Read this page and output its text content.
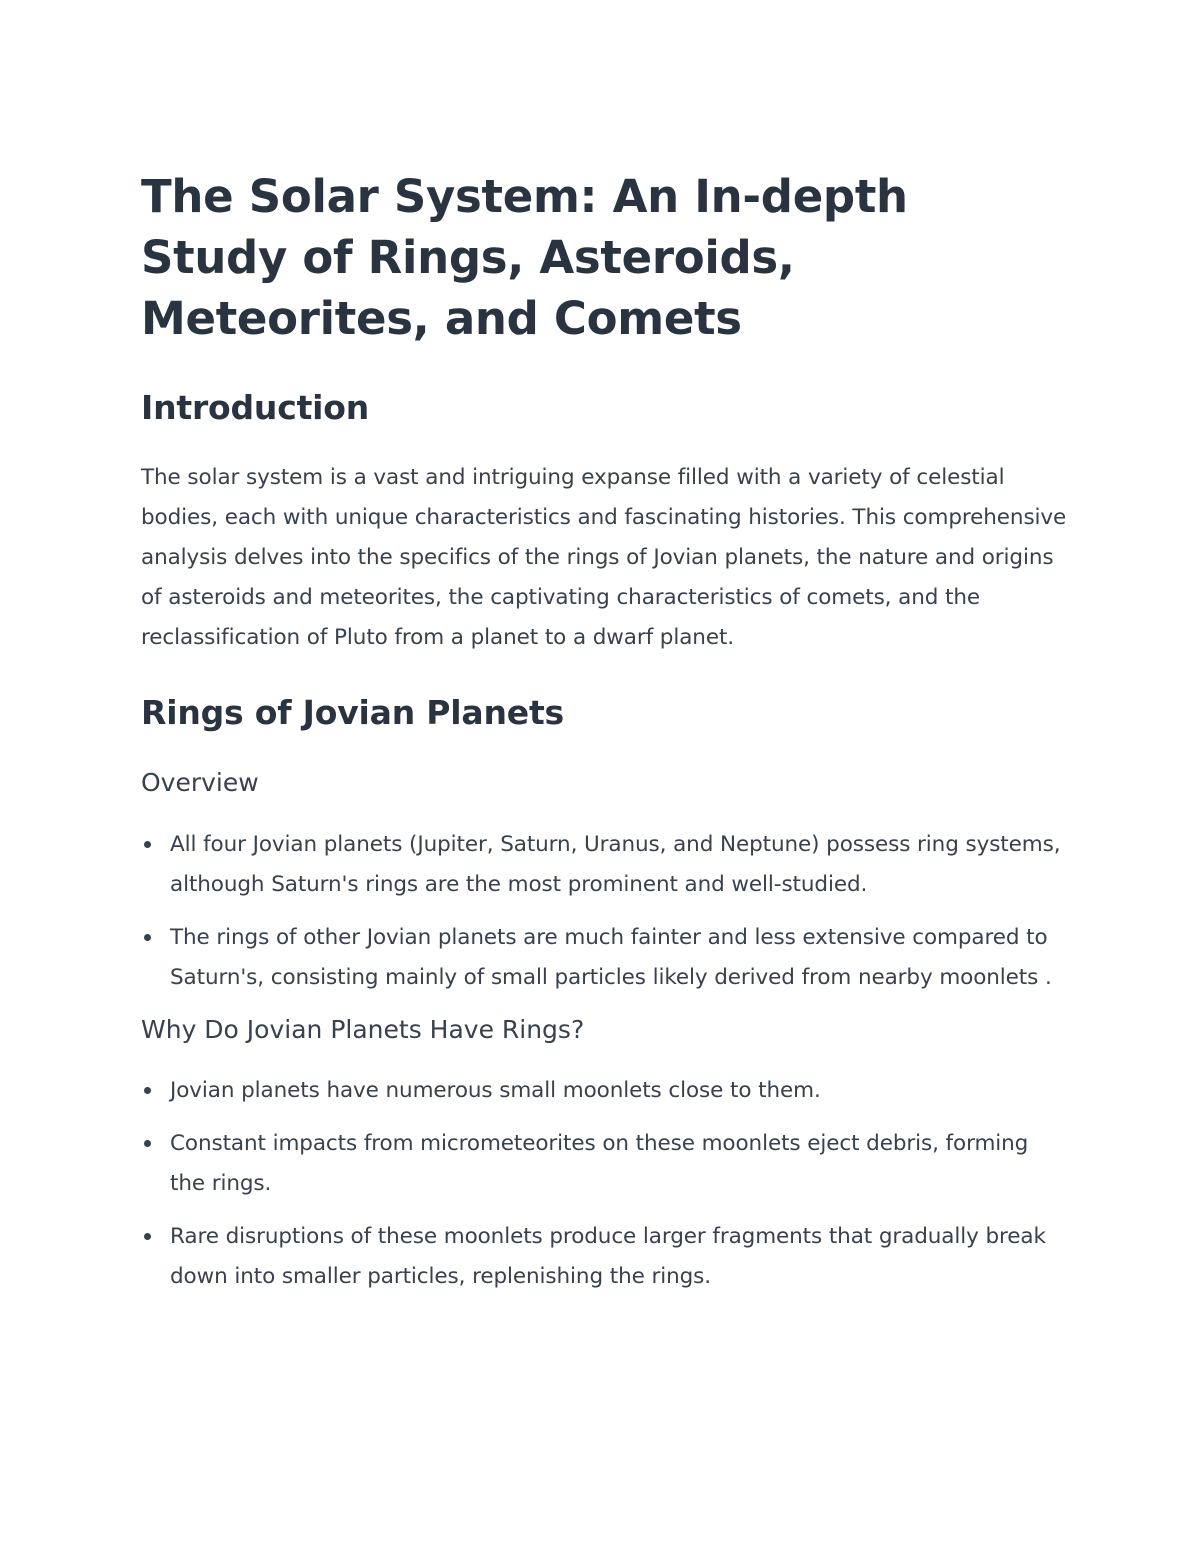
The Solar System: An In-depth Study of Rings, Asteroids, Meteorites, and Comets
Introduction

The solar system is a vast and intriguing expanse filled with a variety of celestial bodies, each with unique characteristics and fascinating histories. This comprehensive analysis delves into the specifics of the rings of Jovian planets, the nature and origins of asteroids and meteorites, the captivating characteristics of comets, and the reclassification of Pluto from a planet to a dwarf planet.

Rings of Jovian Planets
Overview
All four Jovian planets (Jupiter, Saturn, Uranus, and Neptune) possess ring systems, although Saturn's rings are the most prominent and well-studied.
The rings of other Jovian planets are much fainter and less extensive compared to Saturn's, consisting mainly of small particles likely derived from nearby moonlets .
Why Do Jovian Planets Have Rings?
Jovian planets have numerous small moonlets close to them.
Constant impacts from micrometeorites on these moonlets eject debris, forming the rings.
Rare disruptions of these moonlets produce larger fragments that gradually break down into smaller particles, replenishing the rings.
